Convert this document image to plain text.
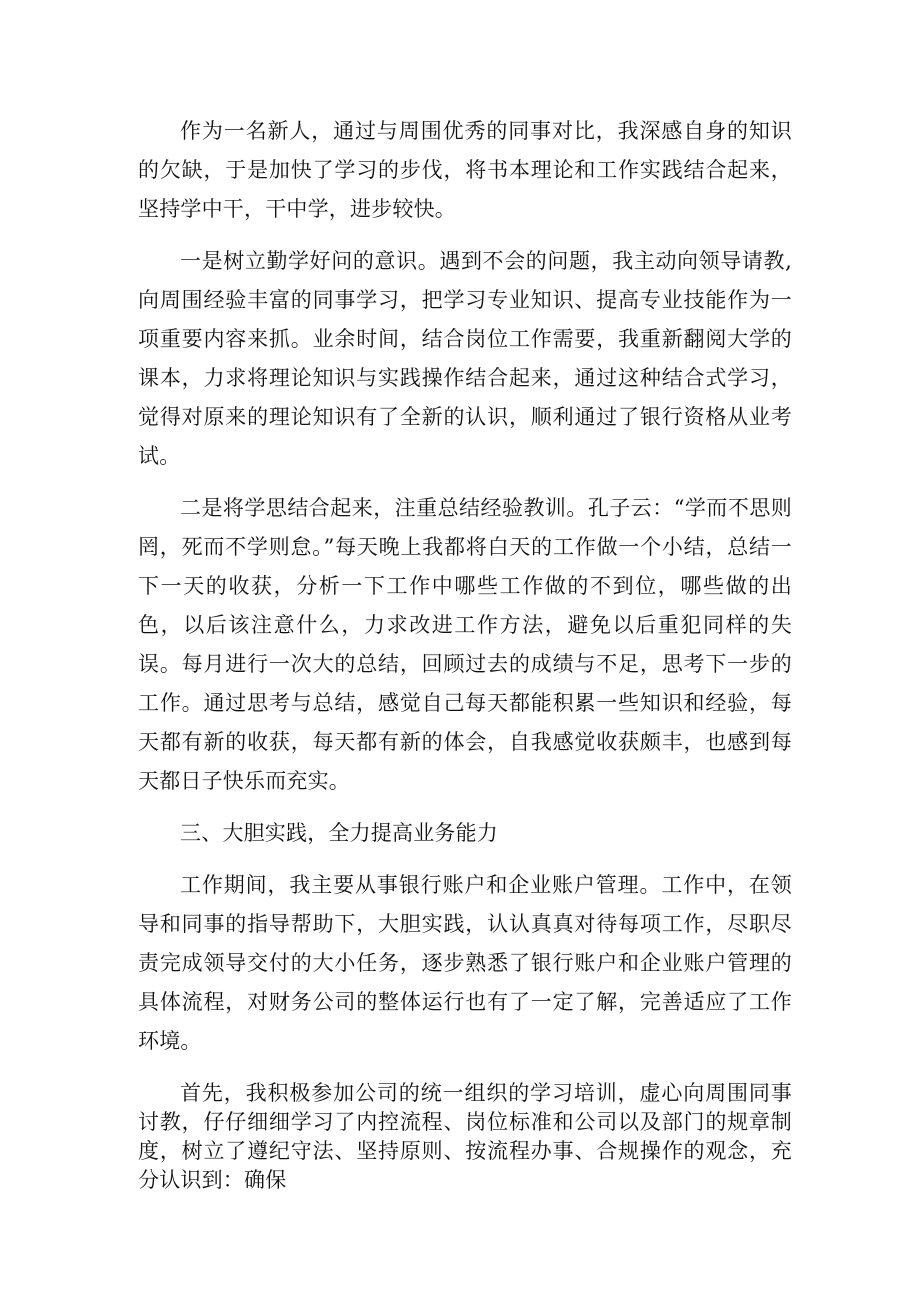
作为一名新人，通过与周围优秀的同事对比，我深感自身的知识的欠缺，于是加快了学习的步伐，将书本理论和工作实践结合起来，坚持学中干，干中学，进步较快。

一是树立勤学好问的意识。遇到不会的问题，我主动向领导请教,向周围经验丰富的同事学习，把学习专业知识、提高专业技能作为一项重要内容来抓。业余时间，结合岗位工作需要，我重新翻阅大学的课本，力求将理论知识与实践操作结合起来，通过这种结合式学习，觉得对原来的理论知识有了全新的认识，顺利通过了银行资格从业考试。

二是将学思结合起来，注重总结经验教训。孔子云：“学而不思则罔，死而不学则怠。”每天晚上我都将白天的工作做一个小结，总结一下一天的收获，分析一下工作中哪些工作做的不到位，哪些做的出色，以后该注意什么，力求改进工作方法，避免以后重犯同样的失误。每月进行一次大的总结，回顾过去的成绩与不足，思考下一步的工作。通过思考与总结，感觉自己每天都能积累一些知识和经验，每天都有新的收获，每天都有新的体会，自我感觉收获颇丰，也感到每天都日子快乐而充实。

三、大胆实践，全力提高业务能力

工作期间，我主要从事银行账户和企业账户管理。工作中，在领导和同事的指导帮助下，大胆实践，认认真真对待每项工作，尽职尽责完成领导交付的大小任务，逐步熟悉了银行账户和企业账户管理的具体流程，对财务公司的整体运行也有了一定了解，完善适应了工作环境。

首先，我积极参加公司的统一组织的学习培训，虚心向周围同事讨教，仔仔细细学习了内控流程、岗位标准和公司以及部门的规章制度，树立了遵纪守法、坚持原则、按流程办事、合规操作的观念，充分认识到：确保
